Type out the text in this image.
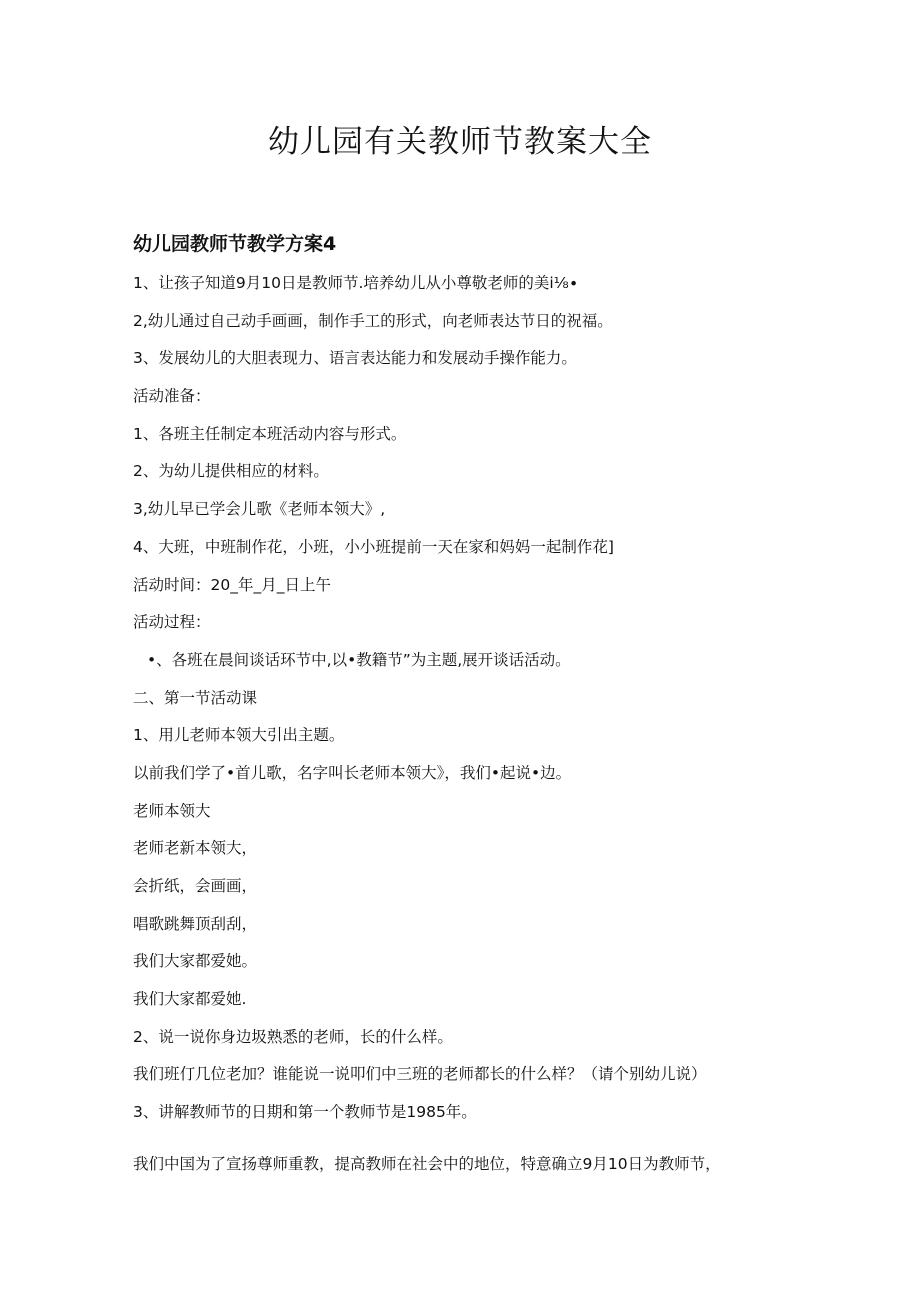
幼儿园有关教师节教案大全
幼儿园教师节教学方案4
1、让孩子知道9月10日是教师节.培养幼儿从小尊敬老师的美i⅛∙
2,幼儿通过自己动手画画，制作手工的形式，向老师表达节日的祝福。
3、发展幼儿的大胆表现力、语言表达能力和发展动手操作能力。
活动准备：
1、各班主任制定本班活动内容与形式。
2、为幼儿提供相应的材料。
3,幼儿早已学会儿歌《老师本领大》,
4、大班，中班制作花，小班，小小班提前一天在家和妈妈一起制作花]
活动时间：20_年_月_日上午
活动过程：
•、各班在晨间谈话环节中,以•教籍节”为主题,展开谈话活动。
二、第一节活动课
1、用儿老师本领大引出主题。
以前我们学了•首儿歌，名字叫长老师本领大》，我们•起说•边。
老师本领大
老师老新本领大，
会折纸，会画画，
唱歌跳舞顶刮刮，
我们大家都爱她。
我们大家都爱她.
2、说一说你身边圾熟悉的老师，长的什么样。
我们班仃几位老加？谁能说一说叩们中三班的老师都长的什么样？（请个别幼儿说）
3、讲解教师节的日期和第一个教师节是1985年。
我们中国为了宣扬尊师重教，提高教师在社会中的地位，特意确立9月10日为教师节，
